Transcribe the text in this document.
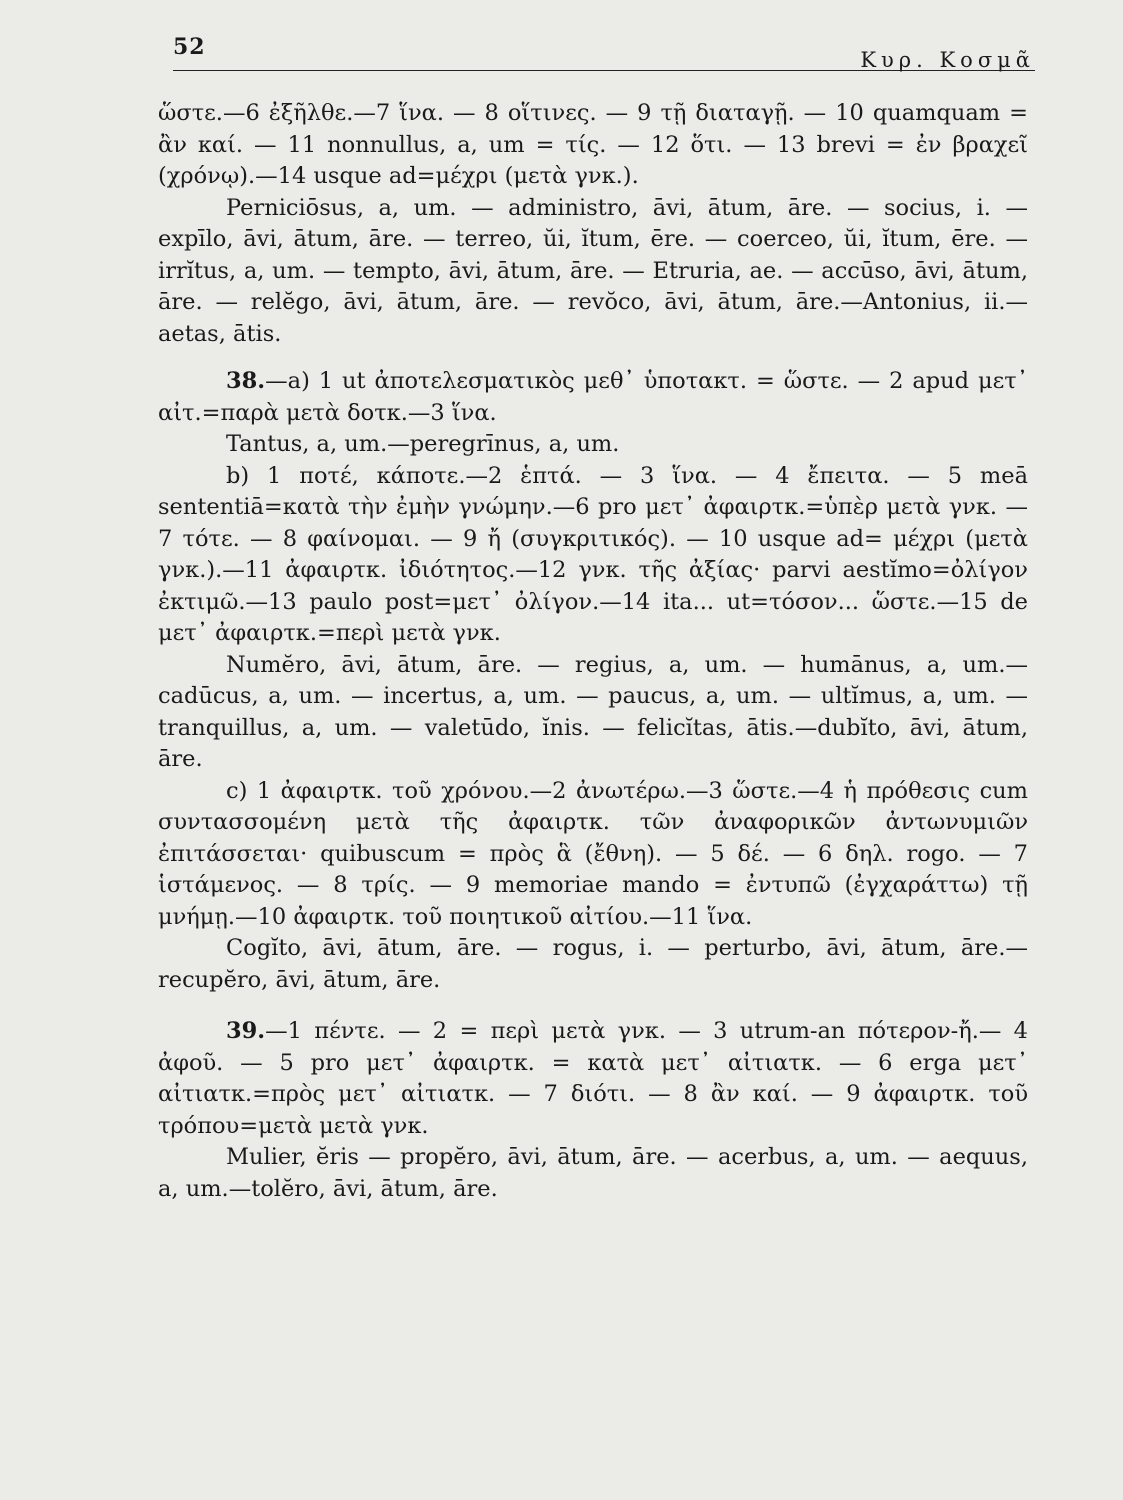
52	Κυρ. Κοσμᾶ

ὥστε.—6 ἐξῆλθε.—7 ἵνα. — 8 οἵτινες. — 9 τῇ διαταγῇ. — 10 quamquam = ἂν καί. — 11 nonnullus, a, um = τίς. — 12 ὅτι. — 13 brevi = ἐν βραχεῖ (χρόνῳ).—14 usque ad=μέχρι (μετὰ γνκ.).

Perniciōsus, a, um. — administro, āvi, ātum, āre. — socius, i. — expīlo, āvi, ātum, āre. — terreo, ŭi, ĭtum, ēre. — coerceo, ŭi, ĭtum, ēre. — irrĭtus, a, um. — tempto, āvi, ātum, āre. — Etruria, ae. — accūso, āvi, ātum, āre. — relĕgo, āvi, ātum, āre. — revŏco, āvi, ātum, āre.—Antonius, ii.—aetas, ātis.

38.—a) 1 ut ἀποτελεσματικὸς μεθ᾽ ὑποτακτ. = ὥστε. — 2 apud μετ᾽ αἰτ.=παρὰ μετὰ δοτκ.—3 ἵνα.

Tantus, a, um.—peregrīnus, a, um.

b) 1 ποτέ, κάποτε.—2 ἑπτά. — 3 ἵνα. — 4 ἔπειτα. — 5 meā sententiā=κατὰ τὴν ἐμὴν γνώμην.—6 pro μετ᾽ ἀφαιρτκ.=ὑπὲρ μετὰ γνκ. — 7 τότε. — 8 φαίνομαι. — 9 ἤ (συγκριτικός). — 10 usque ad= μέχρι (μετὰ γνκ.).—11 ἀφαιρτκ. ἰδιότητος.—12 γνκ. τῆς ἀξίας· parvi aestĭmo=ὀλίγον ἐκτιμῶ.—13 paulo post=μετ᾽ ὀλίγον.—14 ita... ut=τόσον... ὥστε.—15 de μετ᾽ ἀφαιρτκ.=περὶ μετὰ γνκ.

Numĕro, āvi, ātum, āre. — regius, a, um. — humānus, a, um.—cadūcus, a, um. — incertus, a, um. — paucus, a, um. — ultĭmus, a, um. — tranquillus, a, um. — valetūdo, ĭnis. — felicĭtas, ātis.—dubĭto, āvi, ātum, āre.

c) 1 ἀφαιρτκ. τοῦ χρόνου.—2 ἀνωτέρω.—3 ὥστε.—4 ἡ πρόθεσις cum συντασσομένη μετὰ τῆς ἀφαιρτκ. τῶν ἀναφορικῶν ἀντωνυμιῶν ἐπιτάσσεται· quibuscum = πρὸς ἃ (ἔθνη). — 5 δέ. — 6 δηλ. rogo. — 7 ἱστάμενος. — 8 τρίς. — 9 memoriae mando = ἐντυπῶ (ἐγχαράττω) τῇ μνήμῃ.—10 ἀφαιρτκ. τοῦ ποιητικοῦ αἰτίου.—11 ἵνα.

Cogĭto, āvi, ātum, āre. — rogus, i. — perturbo, āvi, ātum, āre.—recupĕro, āvi, ātum, āre.

39.—1 πέντε. — 2 = περὶ μετὰ γνκ. — 3 utrum-an πότερον-ἤ.— 4 ἀφοῦ. — 5 pro μετ᾽ ἀφαιρτκ. = κατὰ μετ᾽ αἰτιατκ. — 6 erga μετ᾽ αἰτιατκ.=πρὸς μετ᾽ αἰτιατκ. — 7 διότι. — 8 ἂν καί. — 9 ἀφαιρτκ. τοῦ τρόπου=μετὰ μετὰ γνκ.

Mulier, ĕris — propĕro, āvi, ātum, āre. — acerbus, a, um. — aequus, a, um.—tolĕro, āvi, ātum, āre.
